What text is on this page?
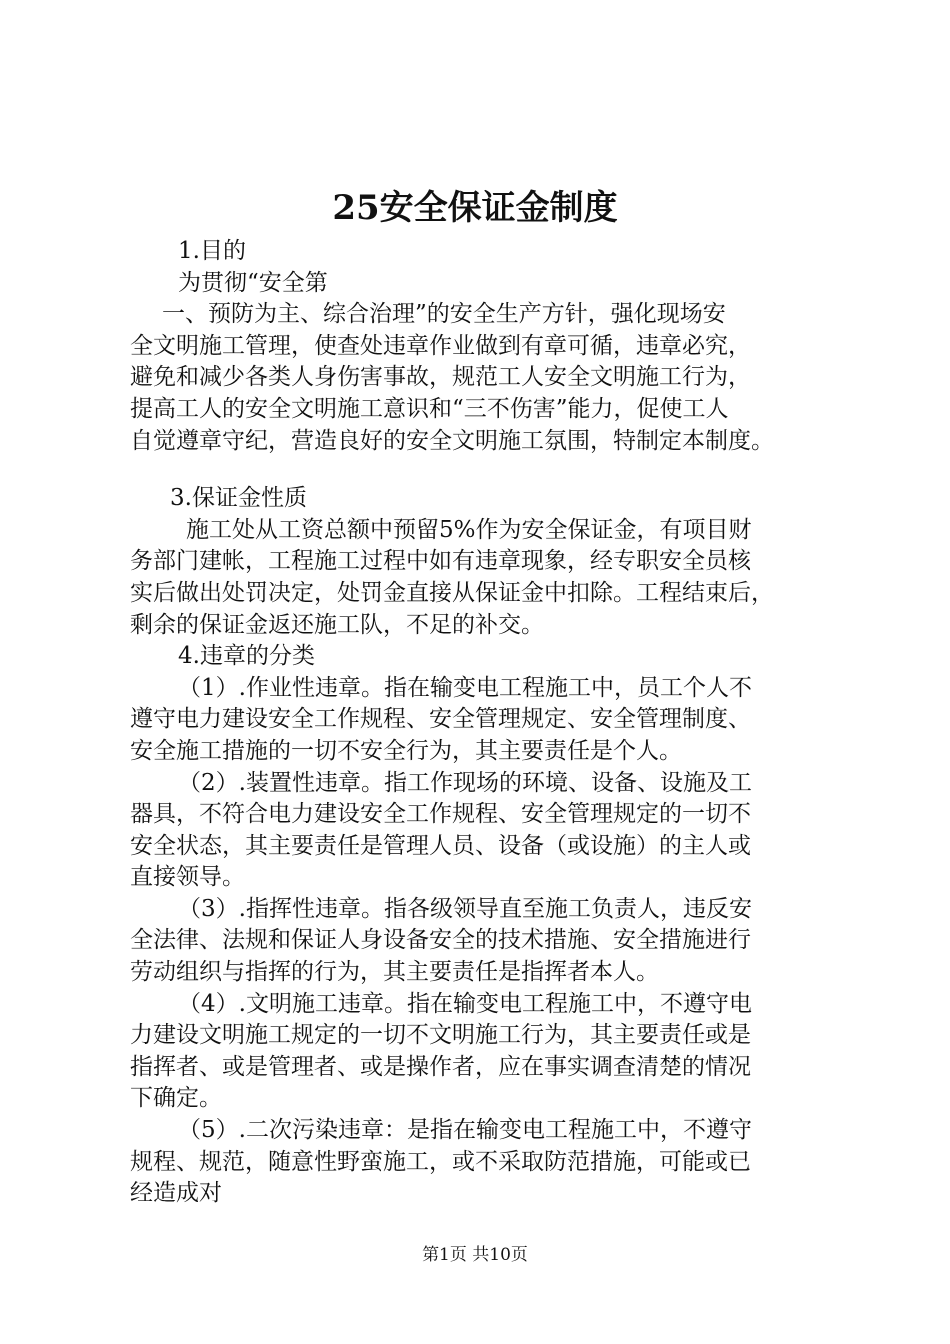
25安全保证金制度
1.目的
为贯彻“安全第
一、预防为主、综合治理”的安全生产方针，强化现场安
全文明施工管理，使查处违章作业做到有章可循，违章必究，
避免和减少各类人身伤害事故，规范工人安全文明施工行为，
提高工人的安全文明施工意识和“三不伤害”能力，促使工人
自觉遵章守纪，营造良好的安全文明施工氛围，特制定本制度。
3.保证金性质
施工处从工资总额中预留5%作为安全保证金，有项目财
务部门建帐，工程施工过程中如有违章现象，经专职安全员核
实后做出处罚决定，处罚金直接从保证金中扣除。工程结束后，
剩余的保证金返还施工队，不足的补交。
4.违章的分类
（1）.作业性违章。指在输变电工程施工中，员工个人不
遵守电力建设安全工作规程、安全管理规定、安全管理制度、
安全施工措施的一切不安全行为，其主要责任是个人。
（2）.装置性违章。指工作现场的环境、设备、设施及工
器具，不符合电力建设安全工作规程、安全管理规定的一切不
安全状态，其主要责任是管理人员、设备（或设施）的主人或
直接领导。
（3）.指挥性违章。指各级领导直至施工负责人，违反安
全法律、法规和保证人身设备安全的技术措施、安全措施进行
劳动组织与指挥的行为，其主要责任是指挥者本人。
（4）.文明施工违章。指在输变电工程施工中，不遵守电
力建设文明施工规定的一切不文明施工行为，其主要责任或是
指挥者、或是管理者、或是操作者，应在事实调查清楚的情况
下确定。
（5）.二次污染违章：是指在输变电工程施工中，不遵守
规程、规范，随意性野蛮施工，或不采取防范措施，可能或已
经造成对
第1页 共10页
